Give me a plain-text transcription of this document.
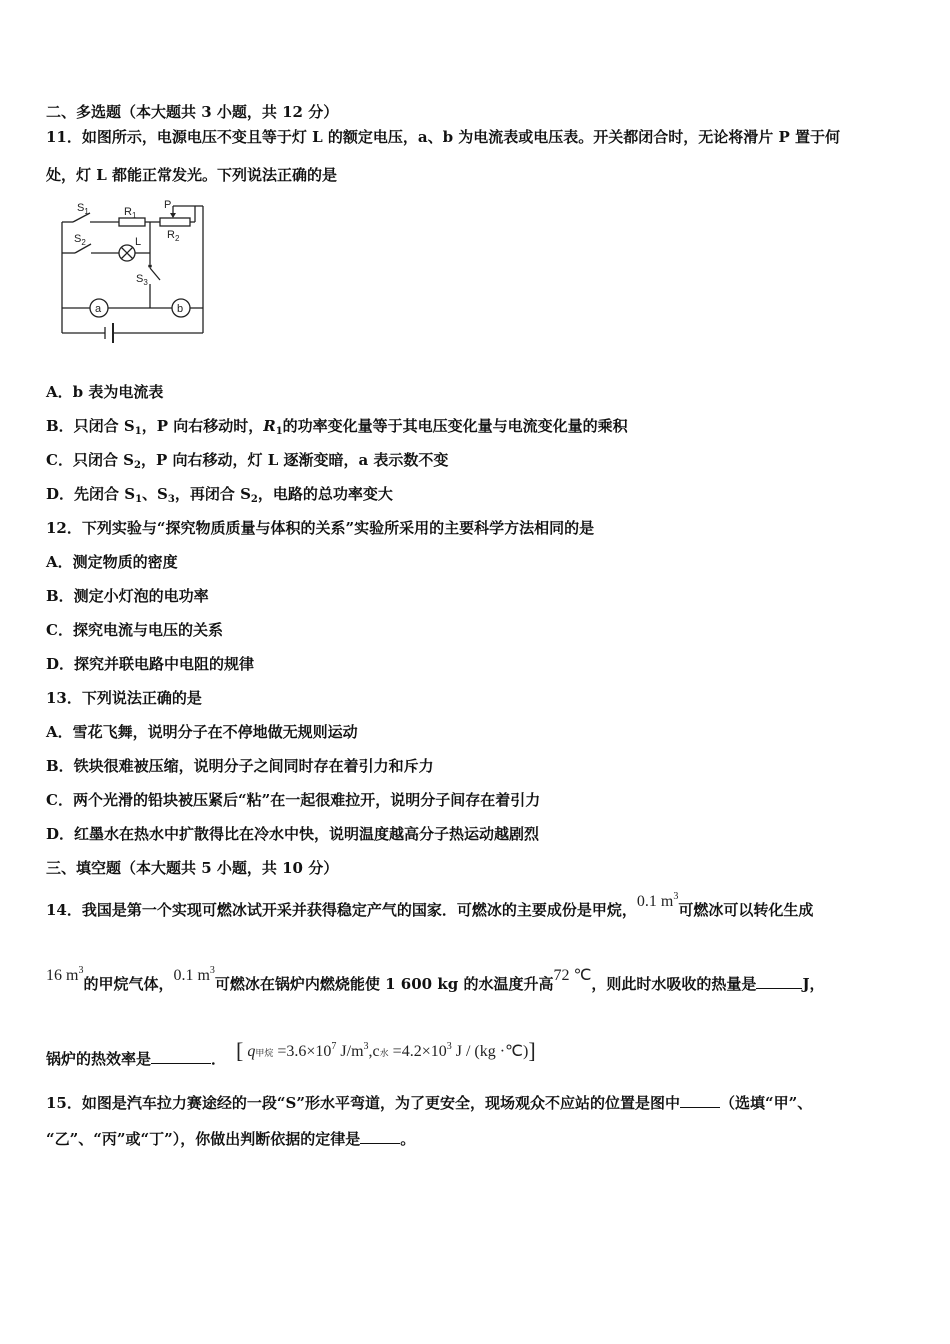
二、多选题（本大题共 3 小题，共 12 分）
11．如图所示，电源电压不变且等于灯 L 的额定电压，a、b 为电流表或电压表。开关都闭合时，无论将滑片 P 置于何
处，灯 L 都能正常发光。下列说法正确的是
$S_1$	$R_1$
P
$R_2$
$S_2$	L
$S_3$
a	b
A．b 表为电流表
B．只闭合 $S_1$，P 向右移动时，$R_1$的功率变化量等于其电压变化量与电流变化量的乘积
C．只闭合 $S_2$，P 向右移动，灯 L 逐渐变暗，a 表示数不变
D．先闭合 $S_1$、$S_3$，再闭合 $S_2$，电路的总功率变大
12．下列实验与“探究物质质量与体积的关系”实验所采用的主要科学方法相同的是
A．测定物质的密度
B．测定小灯泡的电功率
C．探究电流与电压的关系
D．探究并联电路中电阻的规律
13．下列说法正确的是
A．雪花飞舞，说明分子在不停地做无规则运动
B．铁块很难被压缩，说明分子之间同时存在着引力和斥力
C．两个光滑的铅块被压紧后“粘”在一起很难拉开，说明分子间存在着引力
D．红墨水在热水中扩散得比在冷水中快，说明温度越高分子热运动越剧烈
三、填空题（本大题共 5 小题，共 10 分）
14．我国是第一个实现可燃冰试开采并获得稳定产气的国家．可燃冰的主要成份是甲烷，0.1 $m^3$可燃冰可以转化生成
16 $m^3$的甲烷气体，0.1 $m^3$可燃冰在锅炉内燃烧能使 1 600 kg 的水温度升高72 ℃，则此时水吸收的热量是	J，
锅炉的热效率是	． [ q甲烷 $=3.6\times 10^7$ $J/m^3,c$水 $=4.2\times 10^3$ J / (kg ·℃)]
15．如图是汽车拉力赛途经的一段“S”形水平弯道，为了更安全，现场观众不应站的位置是图中	（选填“甲”、
“乙”、“丙”或“丁”），你做出判断依据的定律是	。
